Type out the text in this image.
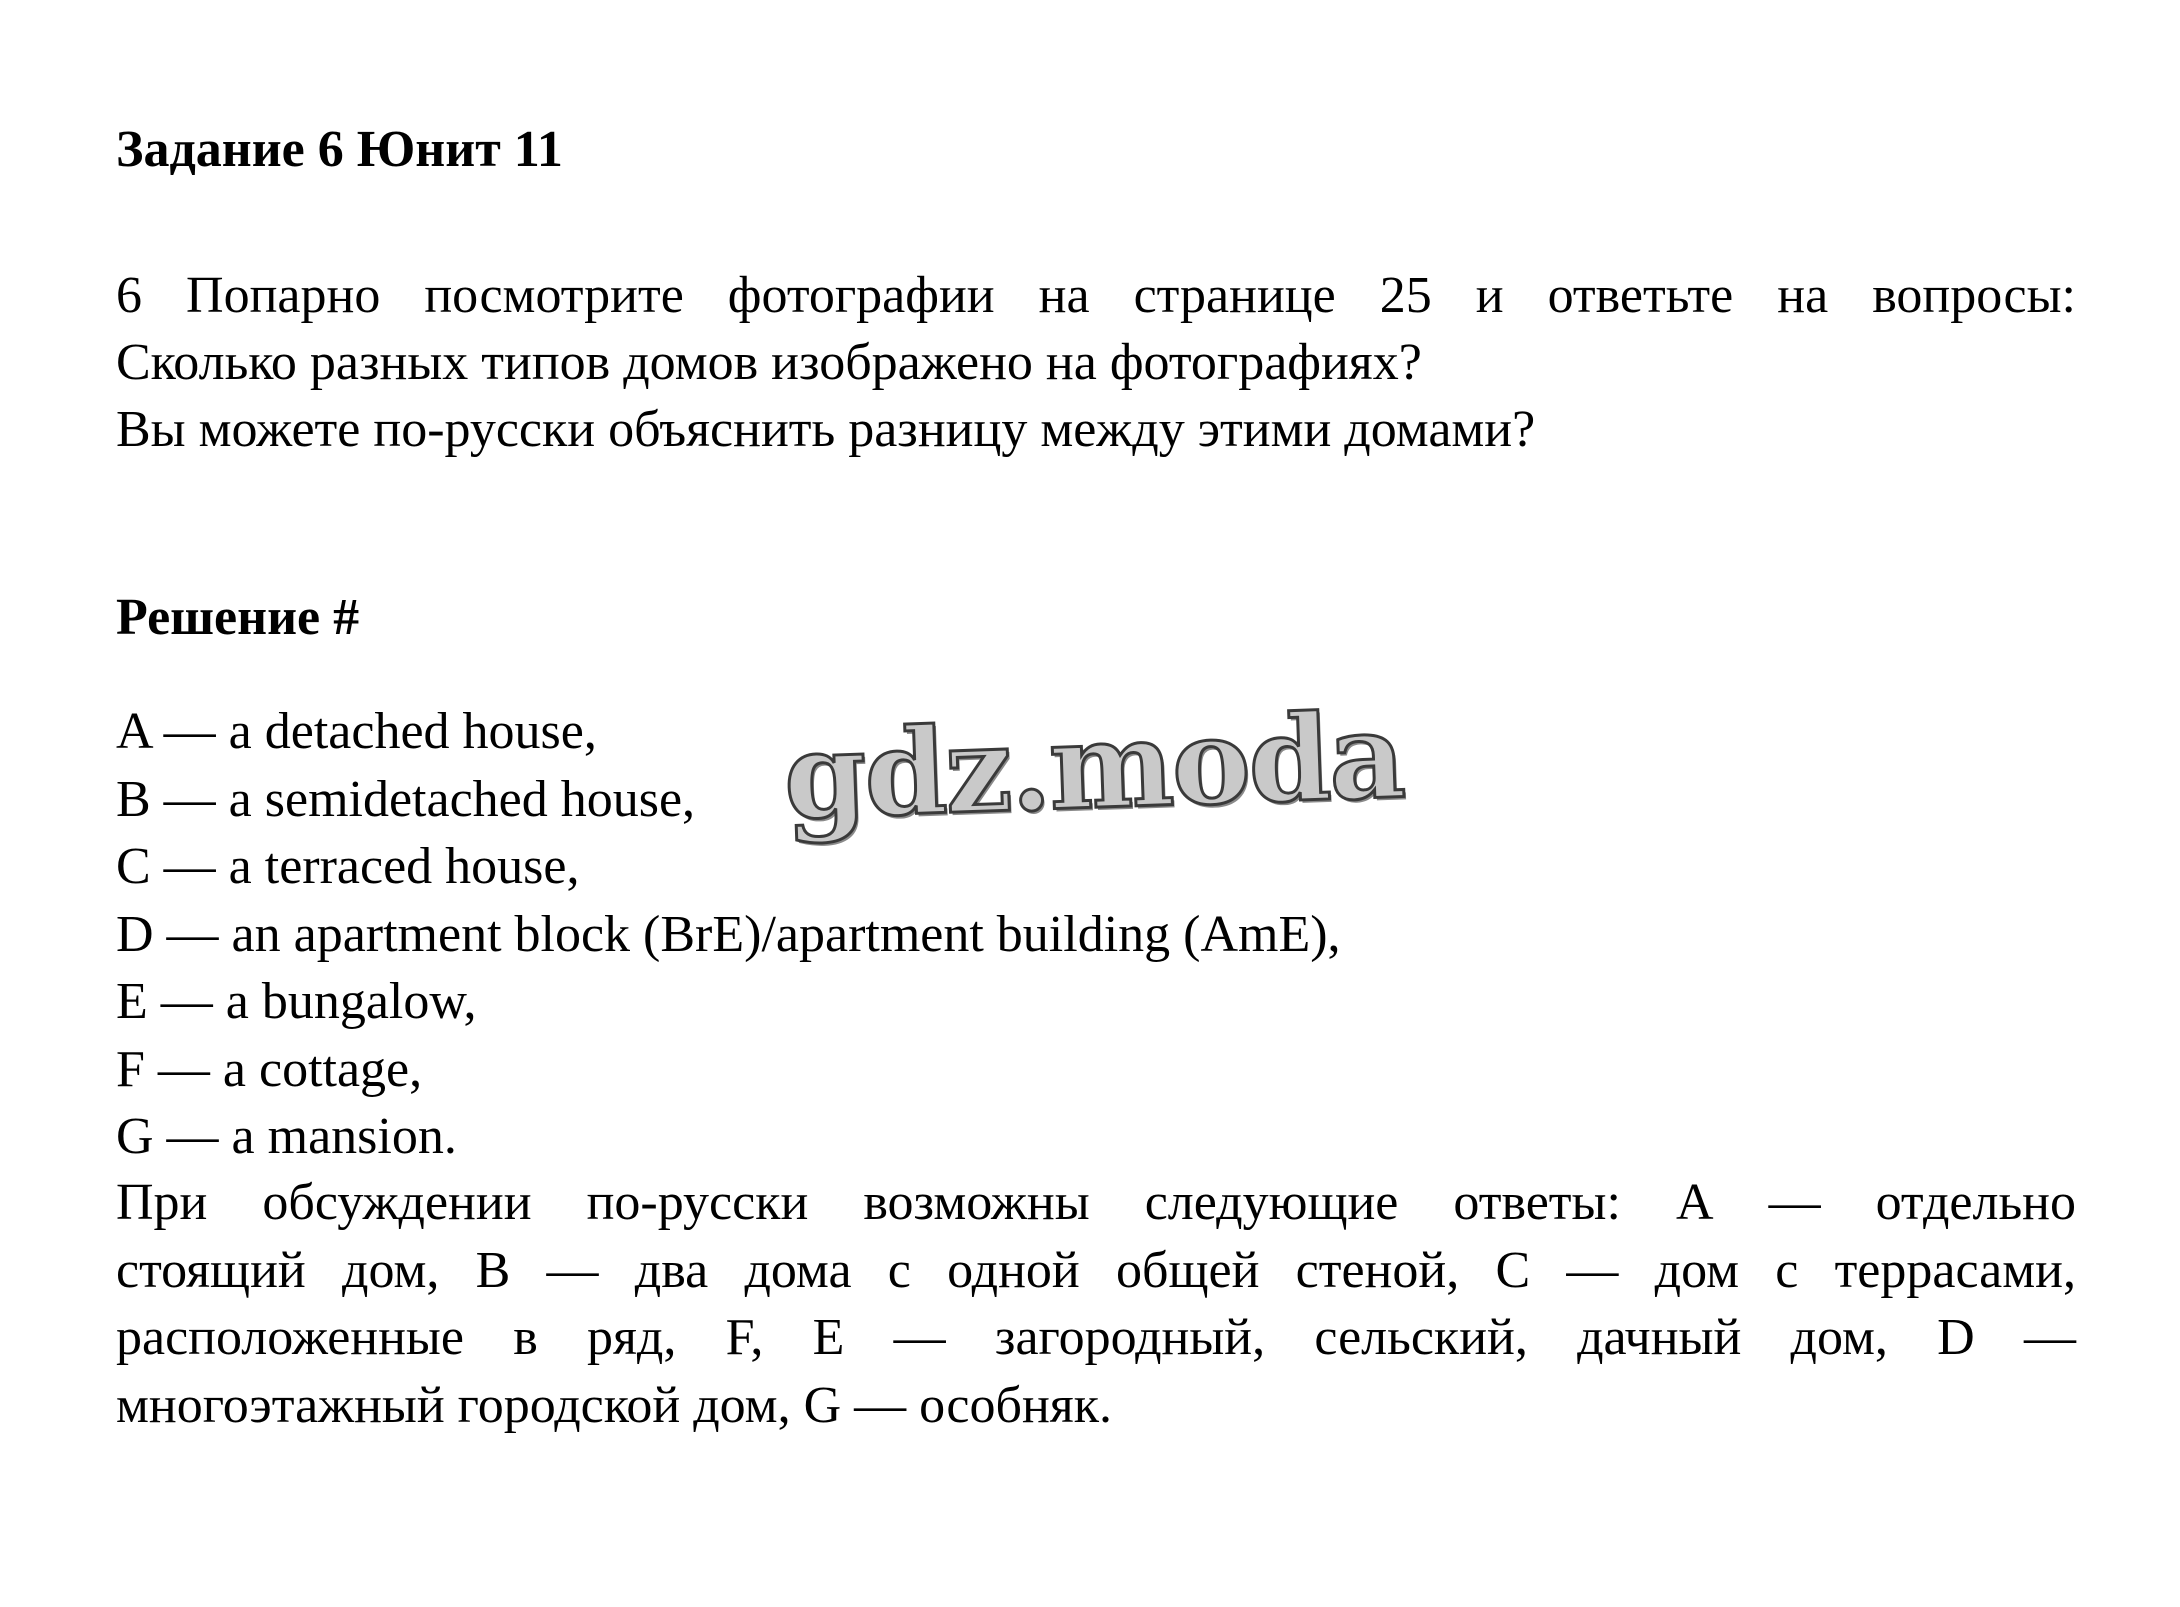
Задание 6 Юнит 11
6 Попарно посмотрите фотографии на странице 25 и ответьте на вопросы:
Сколько разных типов домов изображено на фотографиях?
Вы можете по-русски объяснить разницу между этими домами?
Решение #
A — a detached house,
B — a semidetached house,
C — a terraced house,
D — an apartment block (BrE)/apartment building (AmE),
E — a bungalow,
F — a cottage,
G — a mansion.
При обсуждении по-русски возможны следующие ответы: А — отдельно
стоящий дом, В — два дома с одной общей стеной, С — дом с террасами,
расположенные в ряд, F, Е — загородный, сельский, дачный дом, D —
многоэтажный городской дом, G — особняк.
gdz.moda
